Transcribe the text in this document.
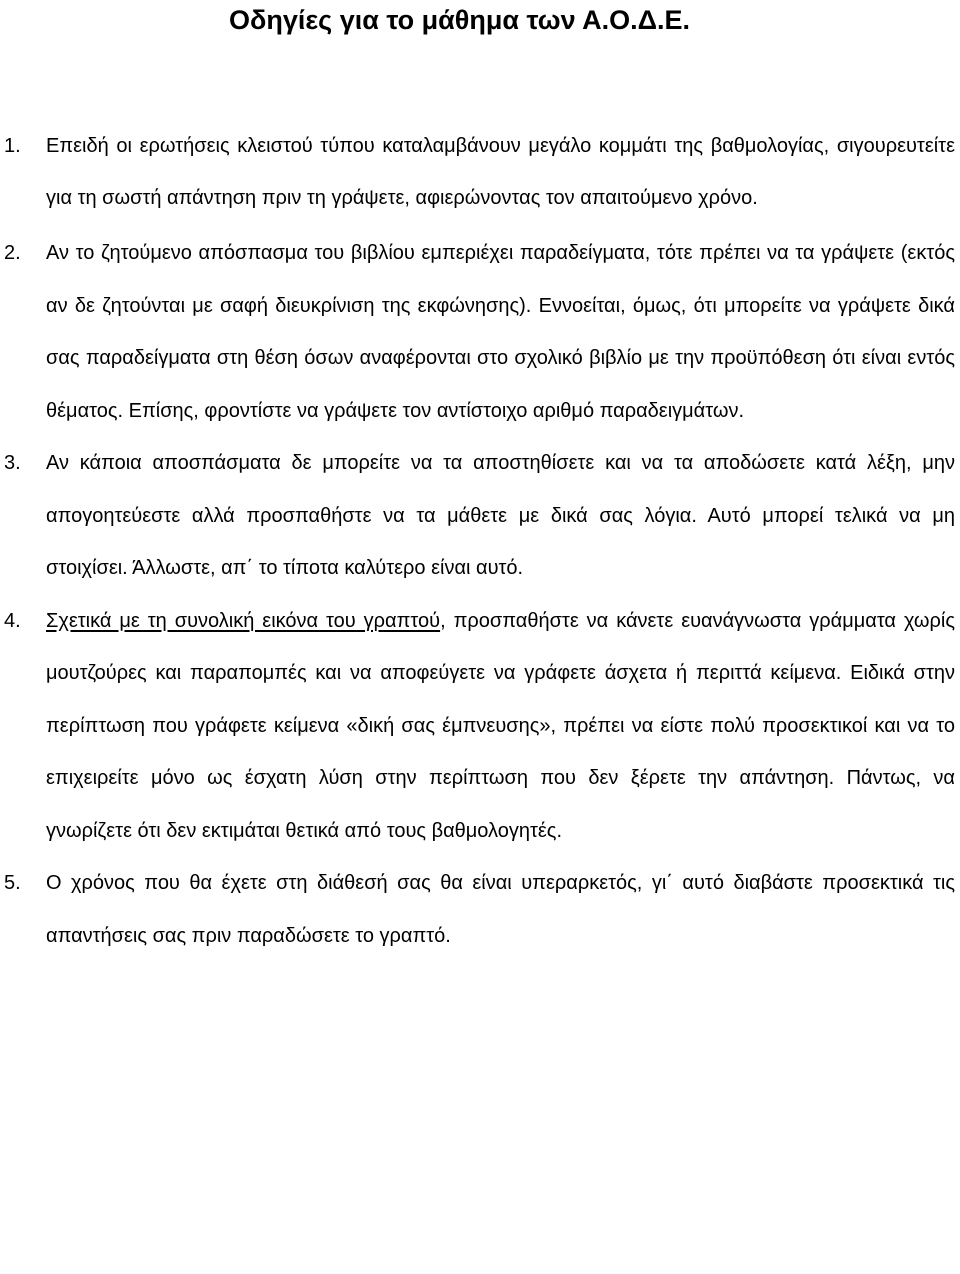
Οδηγίες για το μάθημα των Α.Ο.Δ.Ε.
1. Επειδή οι ερωτήσεις κλειστού τύπου καταλαμβάνουν μεγάλο κομμάτι της βαθμολογίας, σιγουρευτείτε για τη σωστή απάντηση πριν τη γράψετε, αφιερώνοντας τον απαιτούμενο χρόνο.
2. Αν το ζητούμενο απόσπασμα του βιβλίου εμπεριέχει παραδείγματα, τότε πρέπει να τα γράψετε (εκτός αν δε ζητούνται με σαφή διευκρίνιση της εκφώνησης). Εννοείται, όμως, ότι μπορείτε να γράψετε δικά σας παραδείγματα στη θέση όσων αναφέρονται στο σχολικό βιβλίο με την προϋπόθεση ότι είναι εντός θέματος. Επίσης, φροντίστε να γράψετε τον αντίστοιχο αριθμό παραδειγμάτων.
3. Αν κάποια αποσπάσματα δε μπορείτε να τα αποστηθίσετε και να τα αποδώσετε κατά λέξη, μην απογοητεύεστε αλλά προσπαθήστε να τα μάθετε με δικά σας λόγια. Αυτό μπορεί τελικά να μη στοιχίσει. Άλλωστε, απ΄ το τίποτα καλύτερο είναι αυτό.
4. Σχετικά με τη συνολική εικόνα του γραπτού, προσπαθήστε να κάνετε ευανάγνωστα γράμματα χωρίς μουτζούρες και παραπομπές και να αποφεύγετε να γράφετε άσχετα ή περιττά κείμενα. Ειδικά στην περίπτωση που γράφετε κείμενα «δική σας έμπνευσης», πρέπει να είστε πολύ προσεκτικοί και να το επιχειρείτε μόνο ως έσχατη λύση στην περίπτωση που δεν ξέρετε την απάντηση. Πάντως, να γνωρίζετε ότι δεν εκτιμάται θετικά από τους βαθμολογητές.
5. Ο χρόνος που θα έχετε στη διάθεσή σας θα είναι υπεραρκετός, γι΄ αυτό διαβάστε προσεκτικά τις απαντήσεις σας πριν παραδώσετε το γραπτό.
